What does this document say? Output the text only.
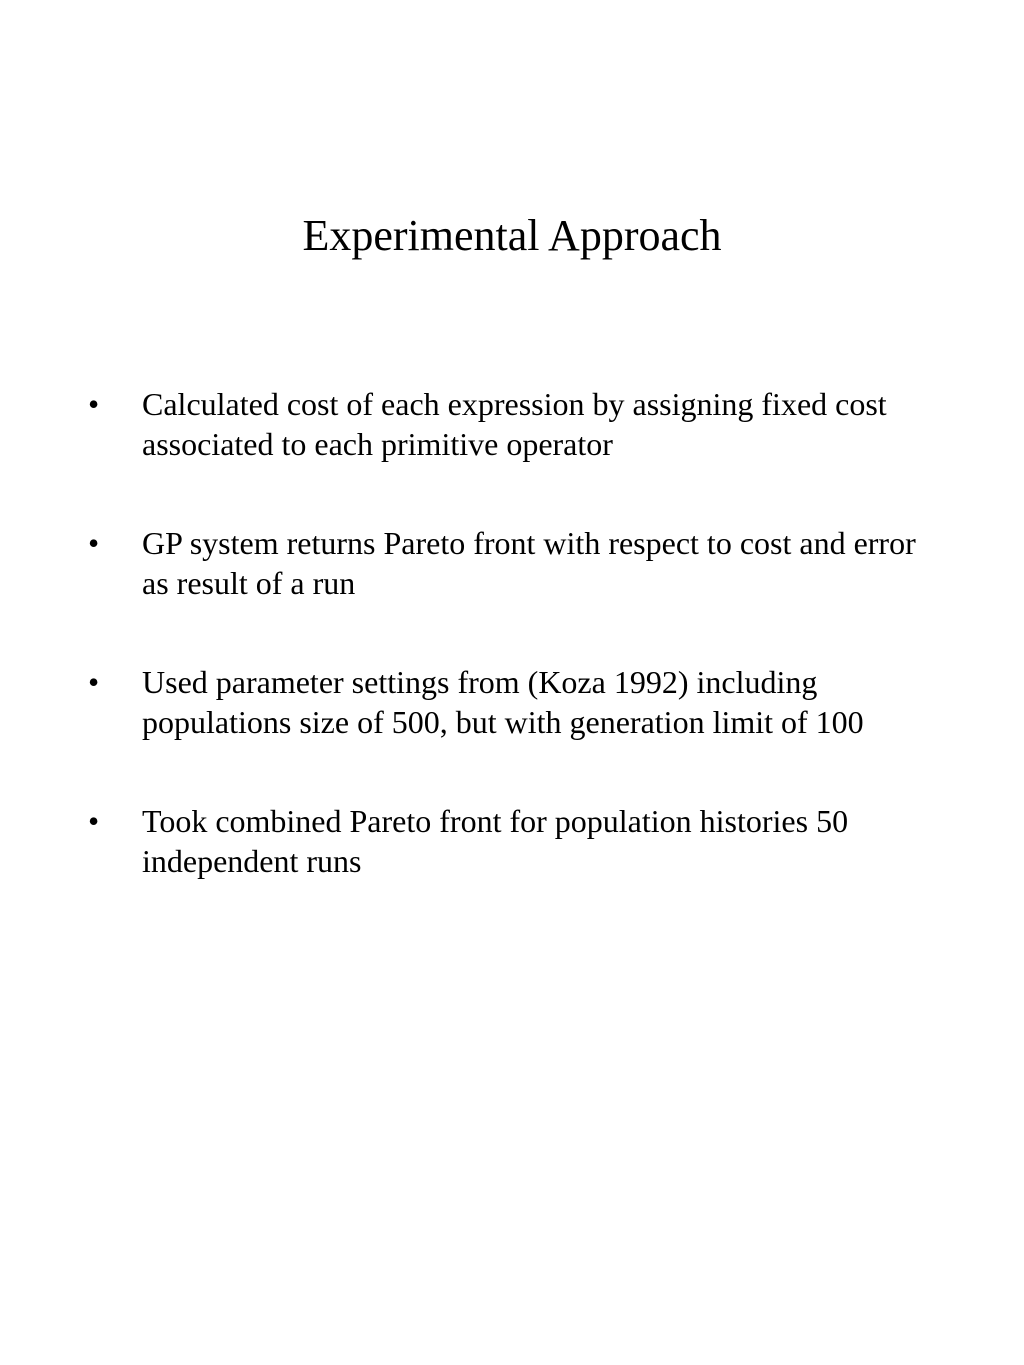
Experimental Approach
• Calculated cost of each expression by assigning fixed cost associated to each primitive operator
• GP system returns Pareto front with respect to cost and error as result of a run
• Used parameter settings from (Koza 1992) including populations size of 500, but with generation limit of 100
• Took combined Pareto front for population histories 50 independent runs
